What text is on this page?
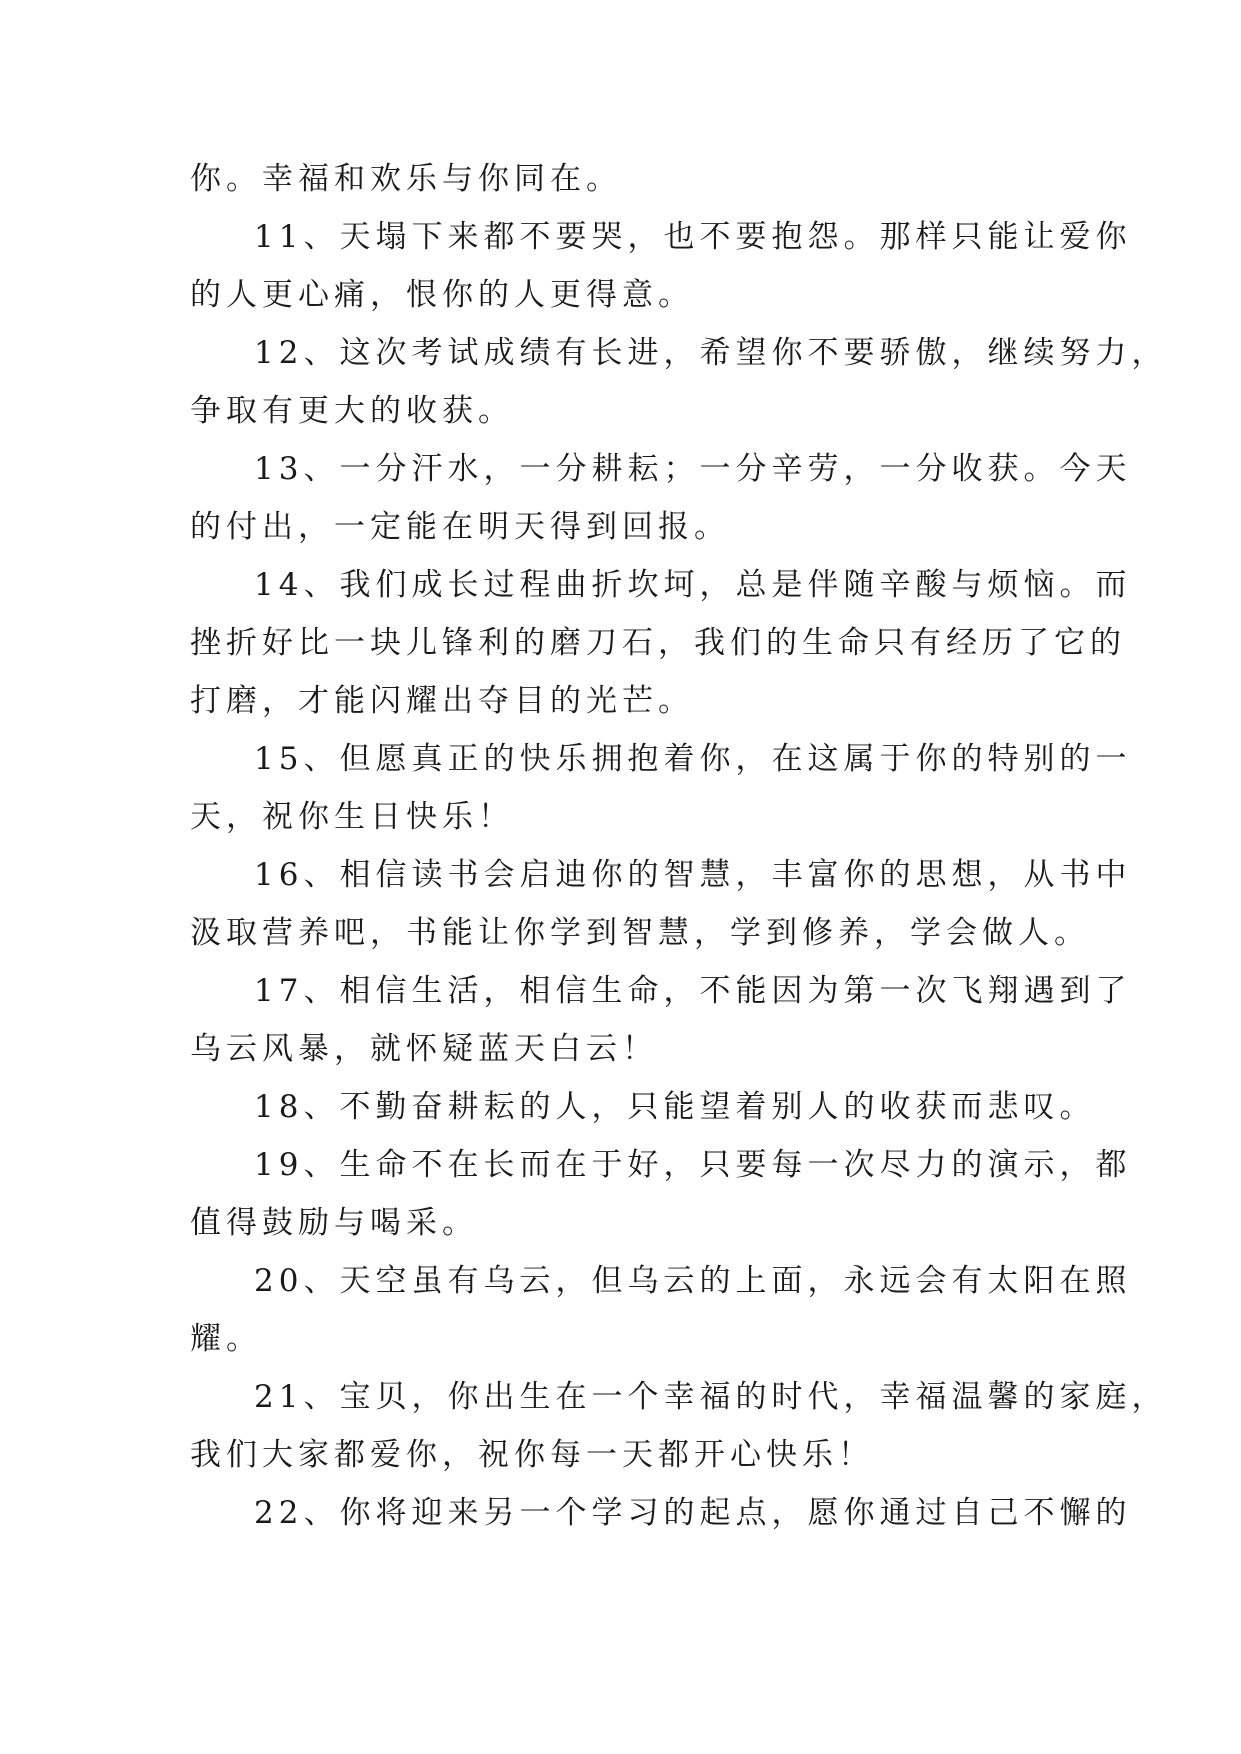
你。幸福和欢乐与你同在。

11、天塌下来都不要哭，也不要抱怨。那样只能让爱你

的人更心痛，恨你的人更得意。

12、这次考试成绩有长进，希望你不要骄傲，继续努力，

争取有更大的收获。

13、一分汗水，一分耕耘；一分辛劳，一分收获。今天

的付出，一定能在明天得到回报。

14、我们成长过程曲折坎坷，总是伴随辛酸与烦恼。而

挫折好比一块儿锋利的磨刀石，我们的生命只有经历了它的

打磨，才能闪耀出夺目的光芒。

15、但愿真正的快乐拥抱着你，在这属于你的特别的一

天，祝你生日快乐！

16、相信读书会启迪你的智慧，丰富你的思想，从书中

汲取营养吧，书能让你学到智慧，学到修养，学会做人。

17、相信生活，相信生命，不能因为第一次飞翔遇到了

乌云风暴，就怀疑蓝天白云！

18、不勤奋耕耘的人，只能望着别人的收获而悲叹。

19、生命不在长而在于好，只要每一次尽力的演示，都

值得鼓励与喝采。

20、天空虽有乌云，但乌云的上面，永远会有太阳在照

耀。

21、宝贝，你出生在一个幸福的时代，幸福温馨的家庭，

我们大家都爱你，祝你每一天都开心快乐！

22、你将迎来另一个学习的起点，愿你通过自己不懈的
